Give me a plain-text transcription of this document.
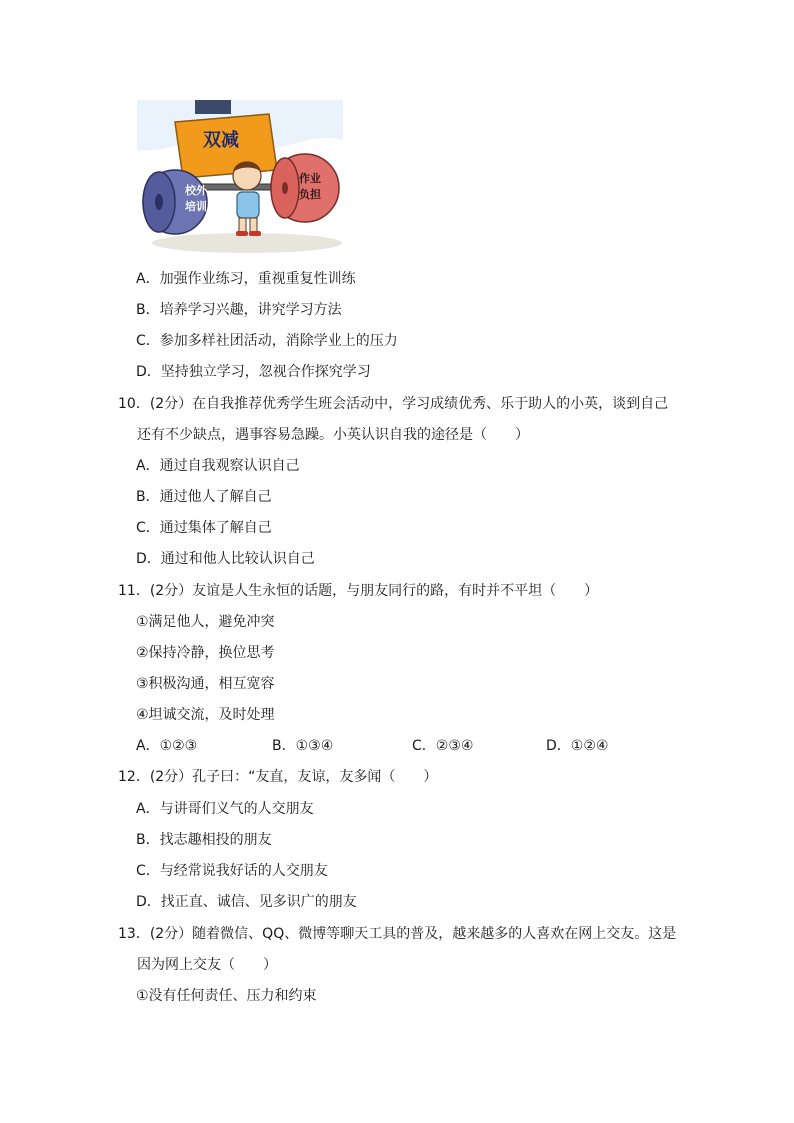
双减
校外
培训
作业
负担
A．加强作业练习，重视重复性训练
B．培养学习兴趣，讲究学习方法
C．参加多样社团活动，消除学业上的压力
D．坚持独立学习，忽视合作探究学习
10．(2分）在自我推荐优秀学生班会活动中，学习成绩优秀、乐于助人的小英，谈到自己
还有不少缺点，遇事容易急躁。小英认识自我的途径是（　　）
A．通过自我观察认识自己
B．通过他人了解自己
C．通过集体了解自己
D．通过和他人比较认识自己
11．(2分）友谊是人生永恒的话题，与朋友同行的路，有时并不平坦（　　）
①满足他人，避免冲突
②保持冷静，换位思考
③积极沟通，相互宽容
④坦诚交流，及时处理
A．①②③	B．①③④	C．②③④	D．①②④
12．(2分）孔子曰：“友直，友谅，友多闻（　　）
A．与讲哥们义气的人交朋友
B．找志趣相投的朋友
C．与经常说我好话的人交朋友
D．找正直、诚信、见多识广的朋友
13．(2分）随着微信、QQ、微博等聊天工具的普及，越来越多的人喜欢在网上交友。这是
因为网上交友（　　）
①没有任何责任、压力和约束
